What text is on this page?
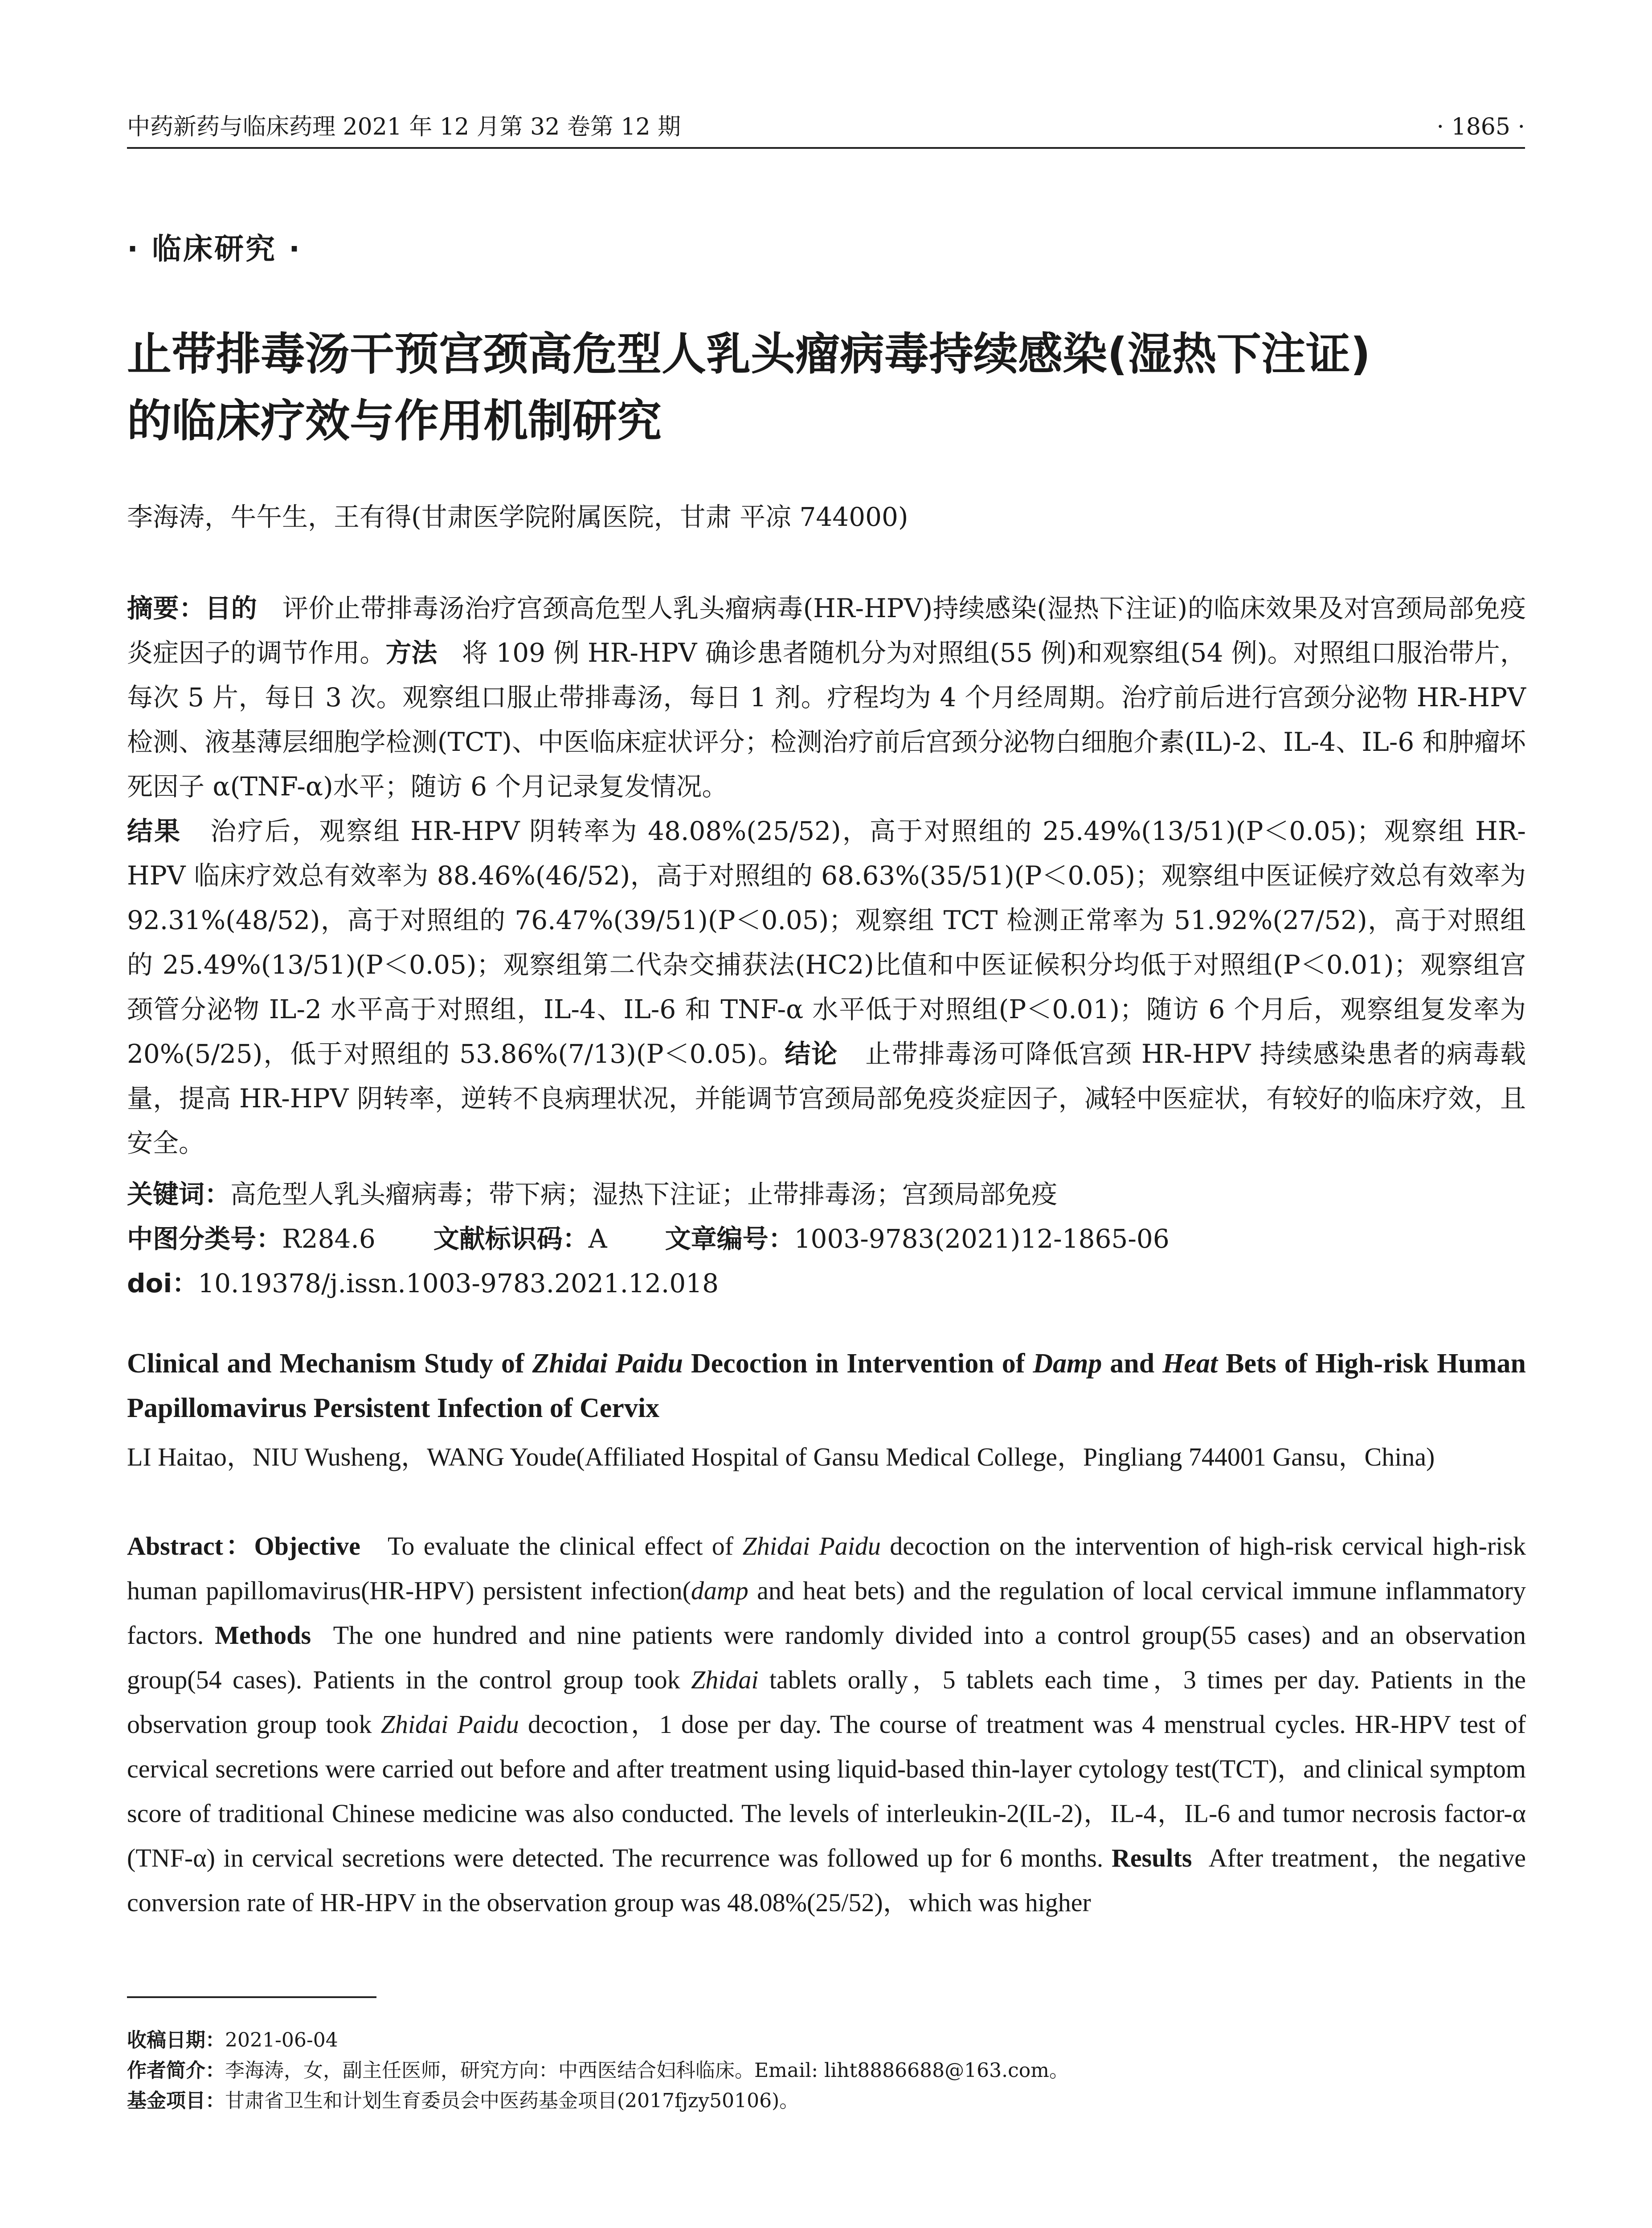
中药新药与临床药理 2021 年 12 月第 32 卷第 12 期	· 1865 ·
· 临床研究 ·
止带排毒汤干预宫颈高危型人乳头瘤病毒持续感染(湿热下注证)
的临床疗效与作用机制研究
李海涛，牛午生，王有得(甘肃医学院附属医院，甘肃 平凉 744000)

摘要：目的 评价止带排毒汤治疗宫颈高危型人乳头瘤病毒(HR-HPV)持续感染(湿热下注证)的临床效果及对宫颈局部免疫炎症因子的调节作用。方法 将 109 例 HR-HPV 确诊患者随机分为对照组(55 例)和观察组(54 例)。对照组口服治带片，每次 5 片，每日 3 次。观察组口服止带排毒汤，每日 1 剂。疗程均为 4 个月经周期。治疗前后进行宫颈分泌物 HR-HPV 检测、液基薄层细胞学检测(TCT)、中医临床症状评分；检测治疗前后宫颈分泌物白细胞介素(IL)-2、IL-4、IL-6 和肿瘤坏死因子 α(TNF-α)水平；随访 6 个月记录复发情况。
结果 治疗后，观察组 HR-HPV 阴转率为 48.08%(25/52)，高于对照组的 25.49%(13/51)(P＜0.05)；观察组 HR-HPV 临床疗效总有效率为 88.46%(46/52)，高于对照组的 68.63%(35/51)(P＜0.05)；观察组中医证候疗效总有效率为 92.31%(48/52)，高于对照组的 76.47%(39/51)(P＜0.05)；观察组 TCT 检测正常率为 51.92%(27/52)，高于对照组的 25.49%(13/51)(P＜0.05)；观察组第二代杂交捕获法(HC2)比值和中医证候积分均低于对照组(P＜0.01)；观察组宫颈管分泌物 IL-2 水平高于对照组，IL-4、IL-6 和 TNF-α 水平低于对照组(P＜0.01)；随访 6 个月后，观察组复发率为 20%(5/25)，低于对照组的 53.86%(7/13)(P＜0.05)。结论 止带排毒汤可降低宫颈 HR-HPV 持续感染患者的病毒载量，提高 HR-HPV 阴转率，逆转不良病理状况，并能调节宫颈局部免疫炎症因子，减轻中医症状，有较好的临床疗效，且安全。

关键词：高危型人乳头瘤病毒；带下病；湿热下注证；止带排毒汤；宫颈局部免疫
中图分类号：R284.6 文献标识码：A 文章编号：1003-9783(2021)12-1865-06
doi：10.19378/j.issn.1003-9783.2021.12.018

Clinical and Mechanism Study of Zhidai Paidu Decoction in Intervention of Damp and Heat Bets of High-risk Human Papillomavirus Persistent Infection of Cervix

LI Haitao，NIU Wusheng，WANG Youde(Affiliated Hospital of Gansu Medical College，Pingliang 744001 Gansu，China)

Abstract：Objective To evaluate the clinical effect of Zhidai Paidu decoction on the intervention of high-risk cervical high-risk human papillomavirus(HR-HPV) persistent infection(damp and heat bets) and the regulation of local cervical immune inflammatory factors. Methods The one hundred and nine patients were randomly divided into a control group(55 cases) and an observation group(54 cases). Patients in the control group took Zhidai tablets orally，5 tablets each time，3 times per day. Patients in the observation group took Zhidai Paidu decoction，1 dose per day. The course of treatment was 4 menstrual cycles. HR-HPV test of cervical secretions were carried out before and after treatment using liquid-based thin-layer cytology test(TCT)，and clinical symptom score of traditional Chinese medicine was also conducted. The levels of interleukin-2(IL-2)，IL-4，IL-6 and tumor necrosis factor-α (TNF-α) in cervical secretions were detected. The recurrence was followed up for 6 months. Results After treatment，the negative conversion rate of HR-HPV in the observation group was 48.08%(25/52)，which was higher

收稿日期：2021-06-04
作者简介：李海涛，女，副主任医师，研究方向：中西医结合妇科临床。Email: liht8886688@163.com。
基金项目：甘肃省卫生和计划生育委员会中医药基金项目(2017fjzy50106)。
